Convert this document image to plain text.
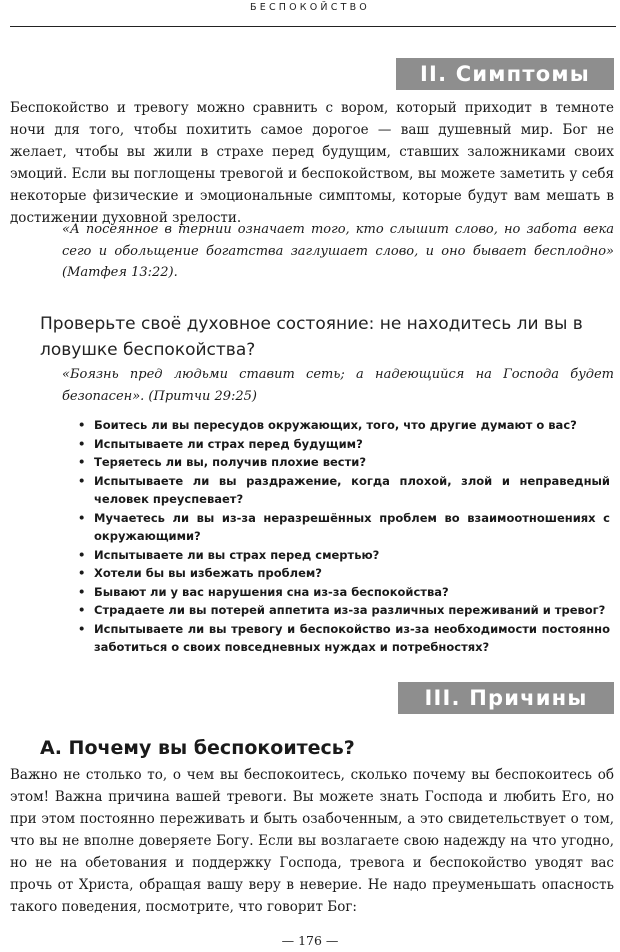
БЕСПОКОЙСТВО
II. Симптомы

Беспокойство и тревогу можно сравнить с вором, который приходит в темноте ночи для того, чтобы похитить самое дорогое — ваш душевный мир. Бог не желает, чтобы вы жили в страхе перед будущим, ставших заложниками своих эмоций. Если вы поглощены тревогой и беспокойством, вы можете заметить у себя некоторые физические и эмоциональные симптомы, которые будут вам мешать в достижении духовной зрелости.

«А посеянное в тернии означает того, кто слышит слово, но забота века сего и обольщение богатства заглушает слово, и оно бывает бесплодно» (Матфея 13:22).

Проверьте своё духовное состояние: не находитесь ли вы в ловушке беспокойства?

«Боязнь пред людьми ставит сеть; а надеющийся на Господа будет безопасен». (Притчи 29:25)

• Боитесь ли вы пересудов окружающих, того, что другие думают о вас?
• Испытываете ли страх перед будущим?
• Теряетесь ли вы, получив плохие вести?
• Испытываете ли вы раздражение, когда плохой, злой и неправедный человек преуспевает?
• Мучаетесь ли вы из-за неразрешённых проблем во взаимоотношениях с окружающими?
• Испытываете ли вы страх перед смертью?
• Хотели бы вы избежать проблем?
• Бывают ли у вас нарушения сна из-за беспокойства?
• Страдаете ли вы потерей аппетита из-за различных переживаний и тревог?
• Испытываете ли вы тревогу и беспокойство из-за необходимости постоянно заботиться о своих повседневных нуждах и потребностях?
III. Причины
А. Почему вы беспокоитесь?

Важно не столько то, о чем вы беспокоитесь, сколько почему вы беспокоитесь об этом! Важна причина вашей тревоги. Вы можете знать Господа и любить Его, но при этом постоянно переживать и быть озабоченным, а это свидетельствует о том, что вы не вполне доверяете Богу. Если вы возлагаете свою надежду на что угодно, но не на обетования и поддержку Господа, тревога и беспокойство уводят вас прочь от Христа, обращая вашу веру в неверие. Не надо преуменьшать опасность такого поведения, посмотрите, что говорит Бог:

— 176 —
